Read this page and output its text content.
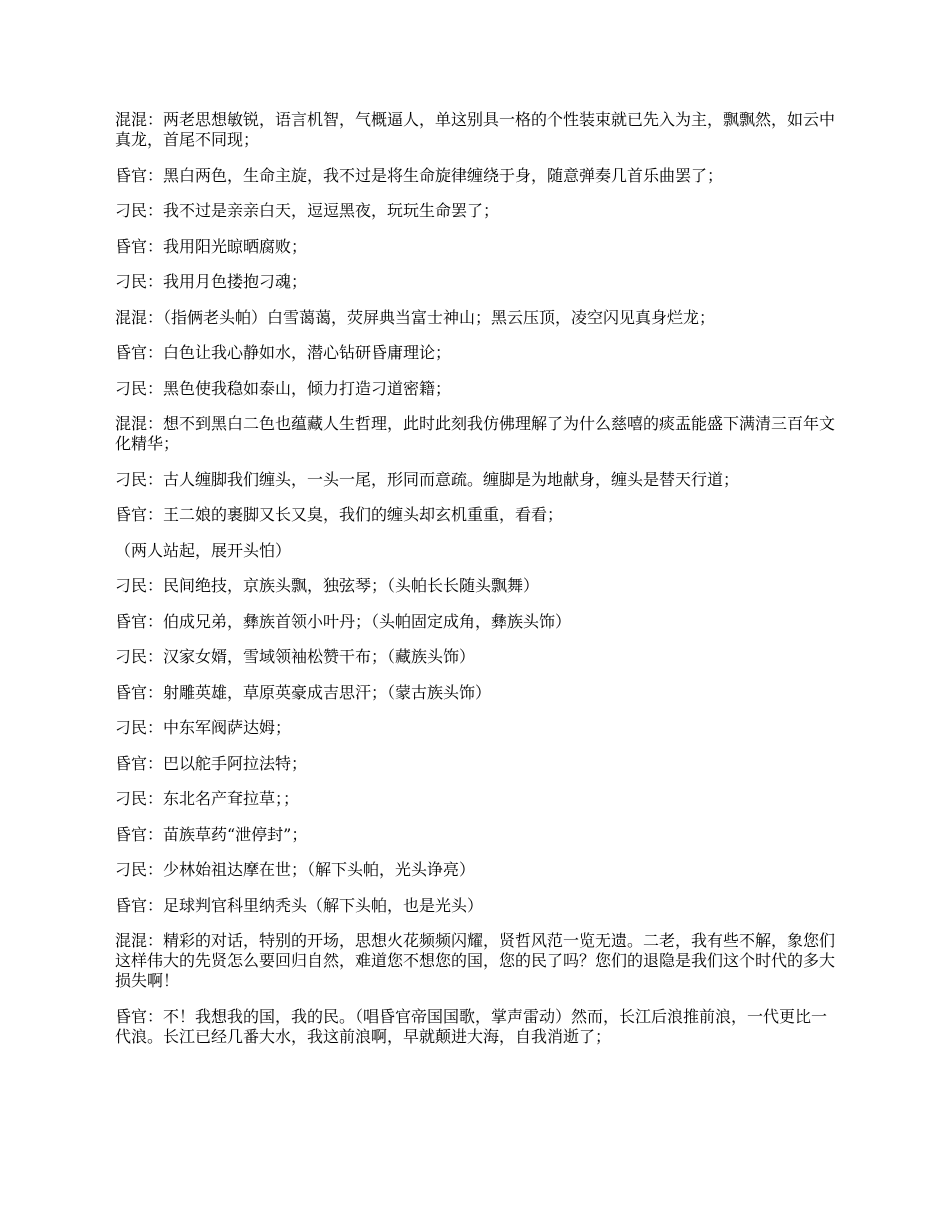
混混：两老思想敏锐，语言机智，气概逼人，单这别具一格的个性装束就已先入为主，飘飘然，如云中真龙，首尾不同现；

昏官：黑白两色，生命主旋，我不过是将生命旋律缠绕于身，随意弹奏几首乐曲罢了；

刁民：我不过是亲亲白天，逗逗黑夜，玩玩生命罢了；

昏官：我用阳光晾晒腐败；

刁民：我用月色搂抱刁魂；

混混：（指俩老头帕）白雪蔼蔼，荧屏典当富士神山；黑云压顶，凌空闪见真身烂龙；

昏官：白色让我心静如水，潜心钻研昏庸理论；

刁民：黑色使我稳如泰山，倾力打造刁道密籍；

混混：想不到黑白二色也蕴藏人生哲理，此时此刻我仿佛理解了为什么慈嘻的痰盂能盛下满清三百年文化精华；

刁民：古人缠脚我们缠头，一头一尾，形同而意疏。缠脚是为地献身，缠头是替天行道；

昏官：王二娘的裹脚又长又臭，我们的缠头却玄机重重，看看；

（两人站起，展开头怕）

刁民：民间绝技，京族头飘，独弦琴；（头帕长长随头飘舞）

昏官：伯成兄弟，彝族首领小叶丹；（头帕固定成角，彝族头饰）

刁民：汉家女婿，雪域领袖松赞干布；（藏族头饰）

昏官：射雕英雄，草原英豪成吉思汗；（蒙古族头饰）

刁民：中东军阀萨达姆；

昏官：巴以舵手阿拉法特；

刁民：东北名产耷拉草；；

昏官：苗族草药“泄停封”；

刁民：少林始祖达摩在世；（解下头帕，光头诤亮）

昏官：足球判官科里纳秃头（解下头帕，也是光头）

混混：精彩的对话，特别的开场，思想火花频频闪耀，贤哲风范一览无遗。二老，我有些不解，象您们这样伟大的先贤怎么要回归自然，难道您不想您的国，您的民了吗？您们的退隐是我们这个时代的多大损失啊！

昏官：不！我想我的国，我的民。（唱昏官帝国国歌，掌声雷动）然而，长江后浪推前浪，一代更比一代浪。长江已经几番大水，我这前浪啊，早就颠进大海，自我消逝了；
